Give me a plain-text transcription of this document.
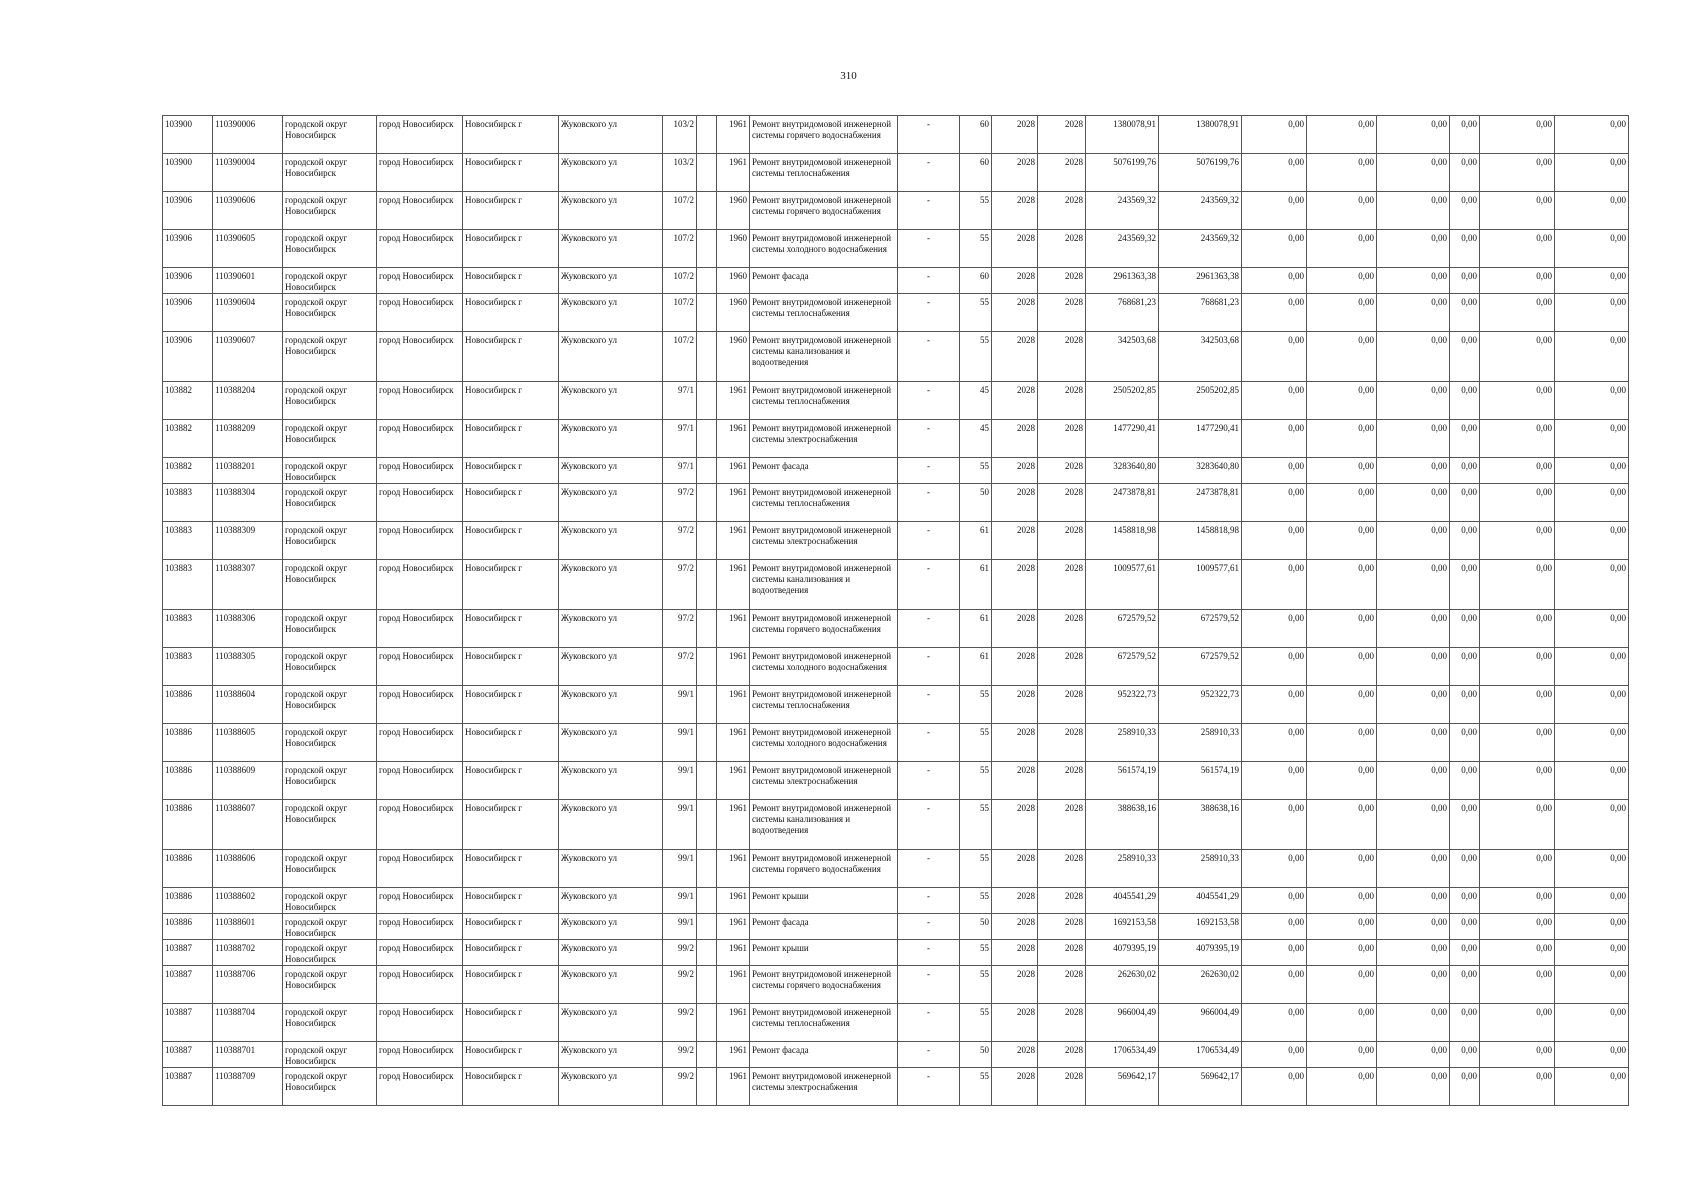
310
103900	110390006	городской округ Новосибирск	город Новосибирск	Новосибирск г	Жуковского ул	103/2		1961	Ремонт внутридомовой инженерной системы горячего водоснабжения	-	60	2028	2028	1380078,91	1380078,91	0,00	0,00	0,00	0,00	0,00	0,00
103900	110390004	городской округ Новосибирск	город Новосибирск	Новосибирск г	Жуковского ул	103/2		1961	Ремонт внутридомовой инженерной системы теплоснабжения	-	60	2028	2028	5076199,76	5076199,76	0,00	0,00	0,00	0,00	0,00	0,00
103906	110390606	городской округ Новосибирск	город Новосибирск	Новосибирск г	Жуковского ул	107/2		1960	Ремонт внутридомовой инженерной системы горячего водоснабжения	-	55	2028	2028	243569,32	243569,32	0,00	0,00	0,00	0,00	0,00	0,00
103906	110390605	городской округ Новосибирск	город Новосибирск	Новосибирск г	Жуковского ул	107/2		1960	Ремонт внутридомовой инженерной системы холодного водоснабжения	-	55	2028	2028	243569,32	243569,32	0,00	0,00	0,00	0,00	0,00	0,00
103906	110390601	городской округ Новосибирск	город Новосибирск	Новосибирск г	Жуковского ул	107/2		1960	Ремонт фасада	-	60	2028	2028	2961363,38	2961363,38	0,00	0,00	0,00	0,00	0,00	0,00
103906	110390604	городской округ Новосибирск	город Новосибирск	Новосибирск г	Жуковского ул	107/2		1960	Ремонт внутридомовой инженерной системы теплоснабжения	-	55	2028	2028	768681,23	768681,23	0,00	0,00	0,00	0,00	0,00	0,00
103906	110390607	городской округ Новосибирск	город Новосибирск	Новосибирск г	Жуковского ул	107/2		1960	Ремонт внутридомовой инженерной системы канализования и водоотведения	-	55	2028	2028	342503,68	342503,68	0,00	0,00	0,00	0,00	0,00	0,00
103882	110388204	городской округ Новосибирск	город Новосибирск	Новосибирск г	Жуковского ул	97/1		1961	Ремонт внутридомовой инженерной системы теплоснабжения	-	45	2028	2028	2505202,85	2505202,85	0,00	0,00	0,00	0,00	0,00	0,00
103882	110388209	городской округ Новосибирск	город Новосибирск	Новосибирск г	Жуковского ул	97/1		1961	Ремонт внутридомовой инженерной системы электроснабжения	-	45	2028	2028	1477290,41	1477290,41	0,00	0,00	0,00	0,00	0,00	0,00
103882	110388201	городской округ Новосибирск	город Новосибирск	Новосибирск г	Жуковского ул	97/1		1961	Ремонт фасада	-	55	2028	2028	3283640,80	3283640,80	0,00	0,00	0,00	0,00	0,00	0,00
103883	110388304	городской округ Новосибирск	город Новосибирск	Новосибирск г	Жуковского ул	97/2		1961	Ремонт внутридомовой инженерной системы теплоснабжения	-	50	2028	2028	2473878,81	2473878,81	0,00	0,00	0,00	0,00	0,00	0,00
103883	110388309	городской округ Новосибирск	город Новосибирск	Новосибирск г	Жуковского ул	97/2		1961	Ремонт внутридомовой инженерной системы электроснабжения	-	61	2028	2028	1458818,98	1458818,98	0,00	0,00	0,00	0,00	0,00	0,00
103883	110388307	городской округ Новосибирск	город Новосибирск	Новосибирск г	Жуковского ул	97/2		1961	Ремонт внутридомовой инженерной системы канализования и водоотведения	-	61	2028	2028	1009577,61	1009577,61	0,00	0,00	0,00	0,00	0,00	0,00
103883	110388306	городской округ Новосибирск	город Новосибирск	Новосибирск г	Жуковского ул	97/2		1961	Ремонт внутридомовой инженерной системы горячего водоснабжения	-	61	2028	2028	672579,52	672579,52	0,00	0,00	0,00	0,00	0,00	0,00
103883	110388305	городской округ Новосибирск	город Новосибирск	Новосибирск г	Жуковского ул	97/2		1961	Ремонт внутридомовой инженерной системы холодного водоснабжения	-	61	2028	2028	672579,52	672579,52	0,00	0,00	0,00	0,00	0,00	0,00
103886	110388604	городской округ Новосибирск	город Новосибирск	Новосибирск г	Жуковского ул	99/1		1961	Ремонт внутридомовой инженерной системы теплоснабжения	-	55	2028	2028	952322,73	952322,73	0,00	0,00	0,00	0,00	0,00	0,00
103886	110388605	городской округ Новосибирск	город Новосибирск	Новосибирск г	Жуковского ул	99/1		1961	Ремонт внутридомовой инженерной системы холодного водоснабжения	-	55	2028	2028	258910,33	258910,33	0,00	0,00	0,00	0,00	0,00	0,00
103886	110388609	городской округ Новосибирск	город Новосибирск	Новосибирск г	Жуковского ул	99/1		1961	Ремонт внутридомовой инженерной системы электроснабжения	-	55	2028	2028	561574,19	561574,19	0,00	0,00	0,00	0,00	0,00	0,00
103886	110388607	городской округ Новосибирск	город Новосибирск	Новосибирск г	Жуковского ул	99/1		1961	Ремонт внутридомовой инженерной системы канализования и водоотведения	-	55	2028	2028	388638,16	388638,16	0,00	0,00	0,00	0,00	0,00	0,00
103886	110388606	городской округ Новосибирск	город Новосибирск	Новосибирск г	Жуковского ул	99/1		1961	Ремонт внутридомовой инженерной системы горячего водоснабжения	-	55	2028	2028	258910,33	258910,33	0,00	0,00	0,00	0,00	0,00	0,00
103886	110388602	городской округ Новосибирск	город Новосибирск	Новосибирск г	Жуковского ул	99/1		1961	Ремонт крыши	-	55	2028	2028	4045541,29	4045541,29	0,00	0,00	0,00	0,00	0,00	0,00
103886	110388601	городской округ Новосибирск	город Новосибирск	Новосибирск г	Жуковского ул	99/1		1961	Ремонт фасада	-	50	2028	2028	1692153,58	1692153,58	0,00	0,00	0,00	0,00	0,00	0,00
103887	110388702	городской округ Новосибирск	город Новосибирск	Новосибирск г	Жуковского ул	99/2		1961	Ремонт крыши	-	55	2028	2028	4079395,19	4079395,19	0,00	0,00	0,00	0,00	0,00	0,00
103887	110388706	городской округ Новосибирск	город Новосибирск	Новосибирск г	Жуковского ул	99/2		1961	Ремонт внутридомовой инженерной системы горячего водоснабжения	-	55	2028	2028	262630,02	262630,02	0,00	0,00	0,00	0,00	0,00	0,00
103887	110388704	городской округ Новосибирск	город Новосибирск	Новосибирск г	Жуковского ул	99/2		1961	Ремонт внутридомовой инженерной системы теплоснабжения	-	55	2028	2028	966004,49	966004,49	0,00	0,00	0,00	0,00	0,00	0,00
103887	110388701	городской округ Новосибирск	город Новосибирск	Новосибирск г	Жуковского ул	99/2		1961	Ремонт фасада	-	50	2028	2028	1706534,49	1706534,49	0,00	0,00	0,00	0,00	0,00	0,00
103887	110388709	городской округ Новосибирск	город Новосибирск	Новосибирск г	Жуковского ул	99/2		1961	Ремонт внутридомовой инженерной системы электроснабжения	-	55	2028	2028	569642,17	569642,17	0,00	0,00	0,00	0,00	0,00	0,00
